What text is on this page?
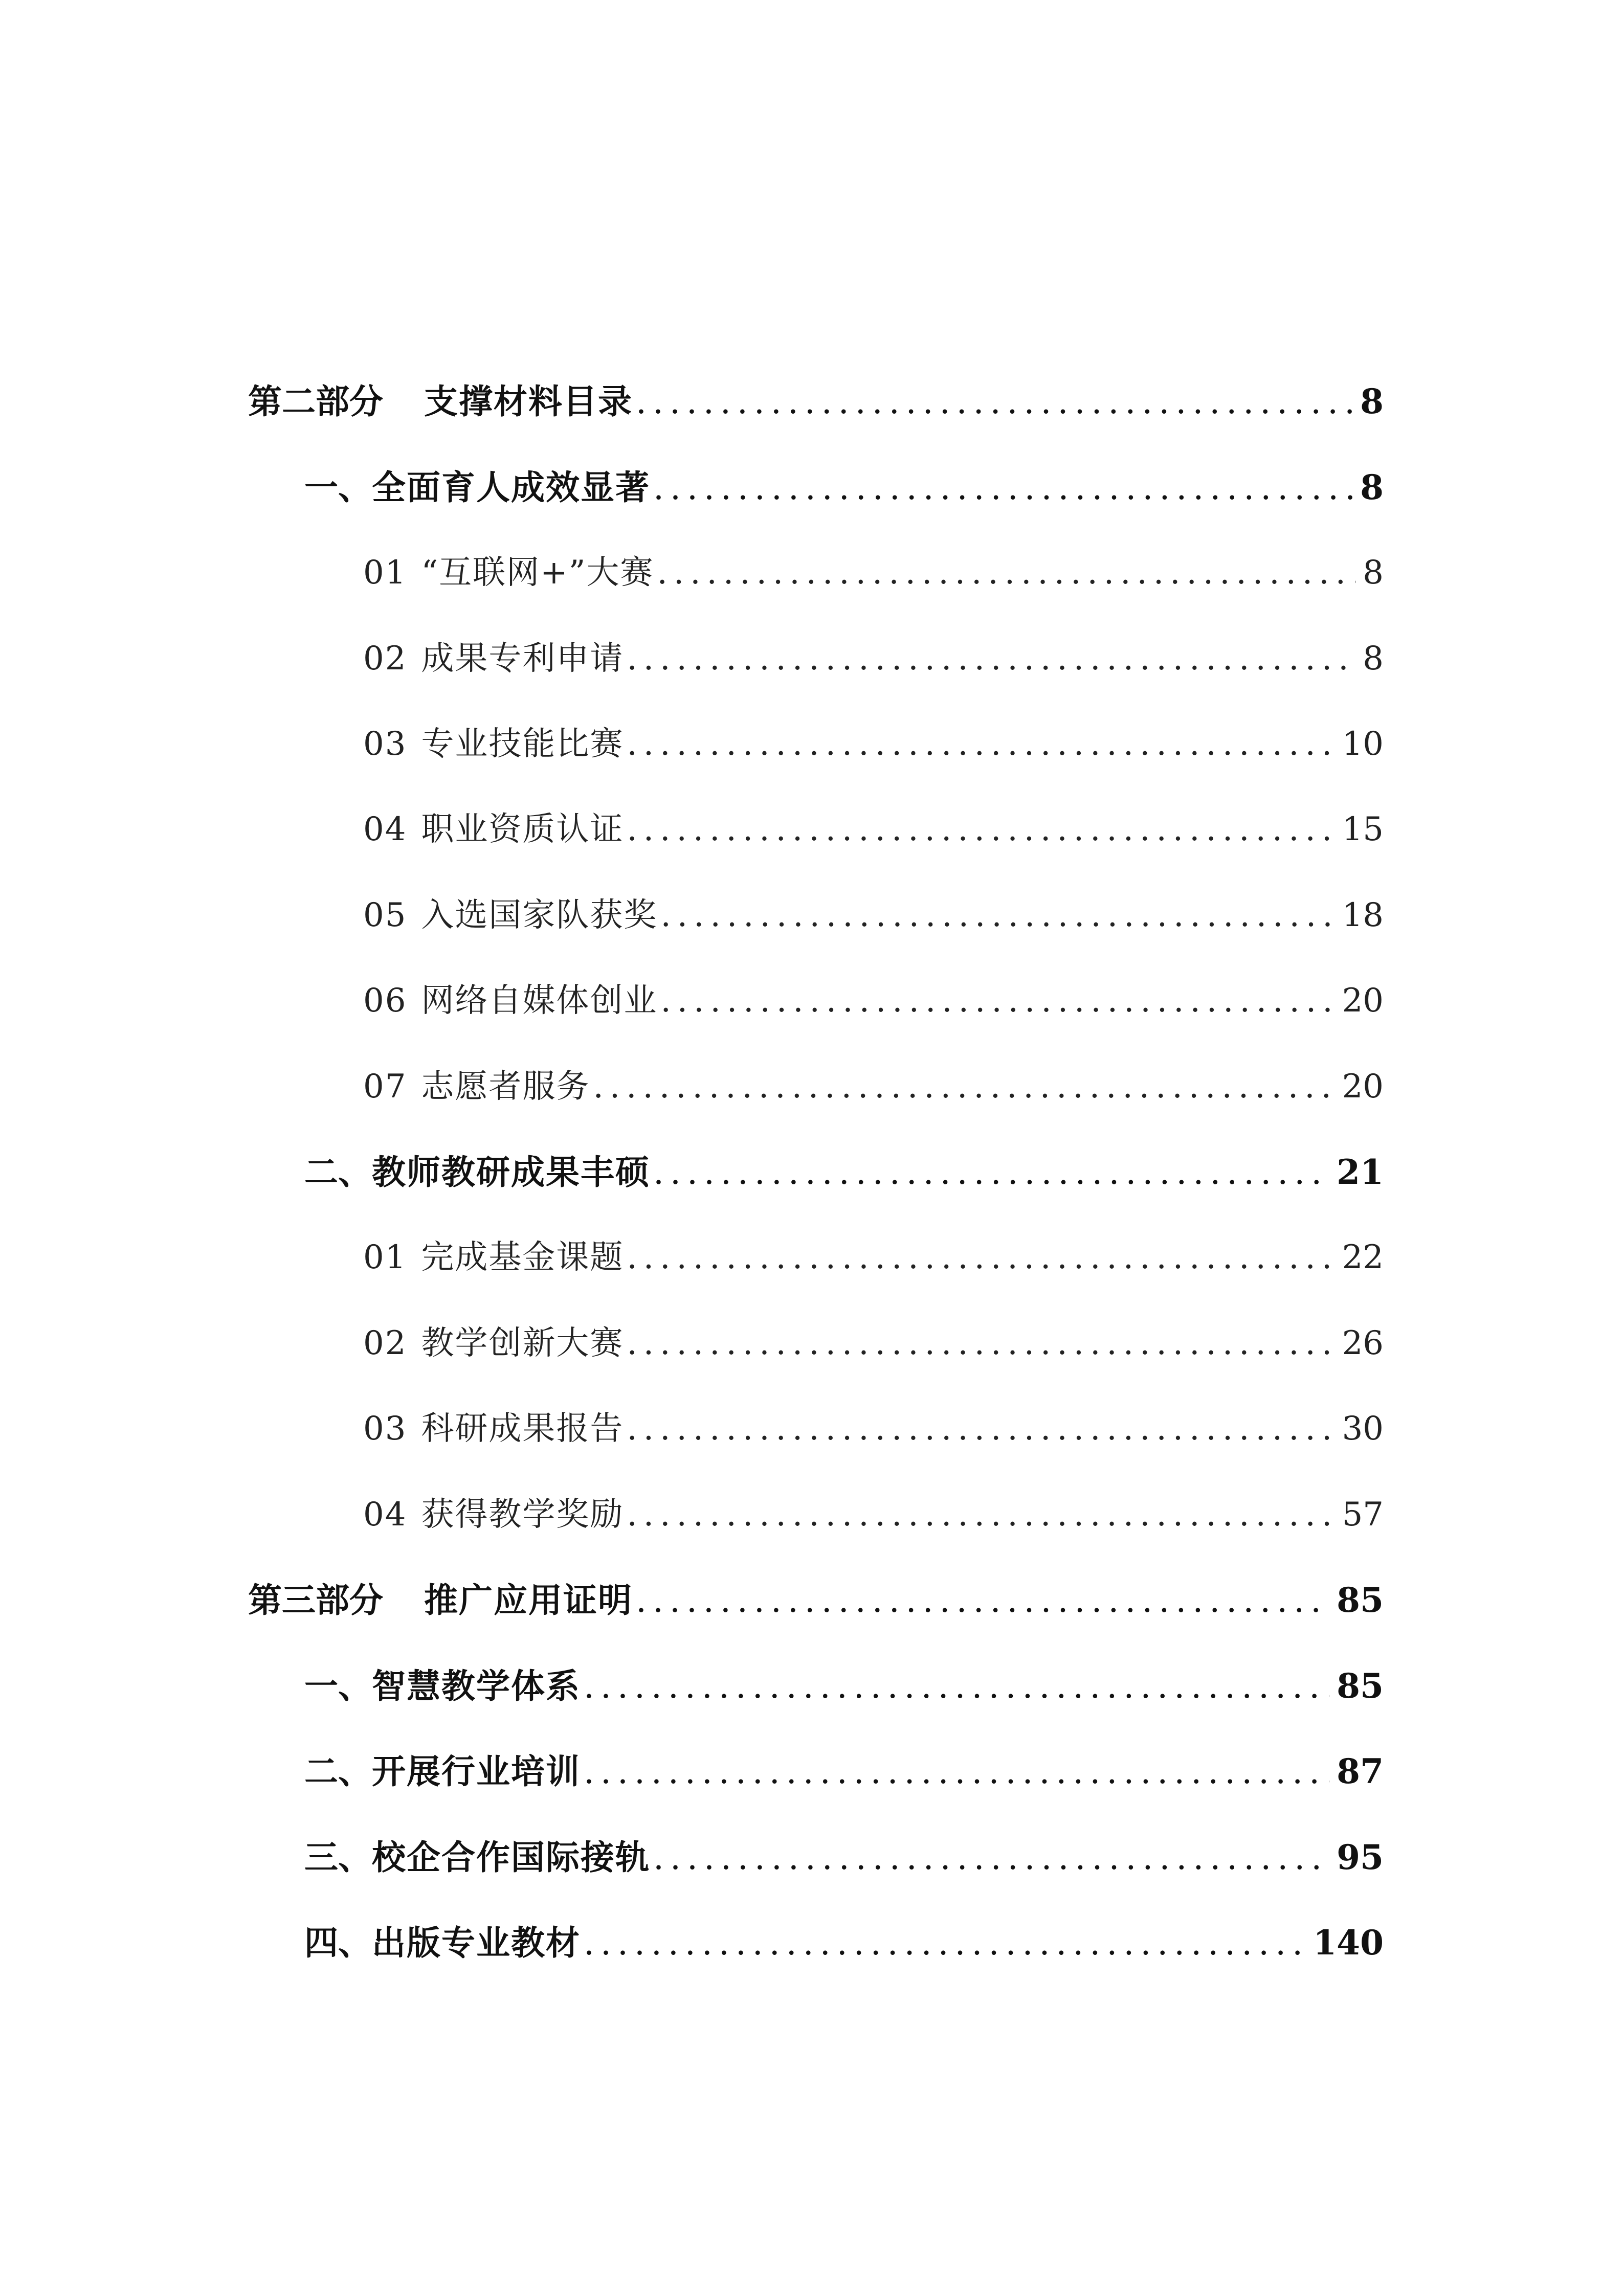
第二部分 支撑材料目录 .....	8
一、 全面育人成效显著 .....	8
01 “互联网+”大赛 .....	8
02 成果专利申请 .....	8
03 专业技能比赛 .....	10
04 职业资质认证 .....	15
05 入选国家队获奖 .....	18
06 网络自媒体创业 .....	20
07 志愿者服务 .....	20
二、 教师教研成果丰硕 .....	21
01 完成基金课题 .....	22
02 教学创新大赛 .....	26
03 科研成果报告 .....	30
04 获得教学奖励 .....	57
第三部分 推广应用证明 .....	85
一、 智慧教学体系 .....	85
二、 开展行业培训 .....	87
三、 校企合作国际接轨 .....	95
四、 出版专业教材 .....	140
